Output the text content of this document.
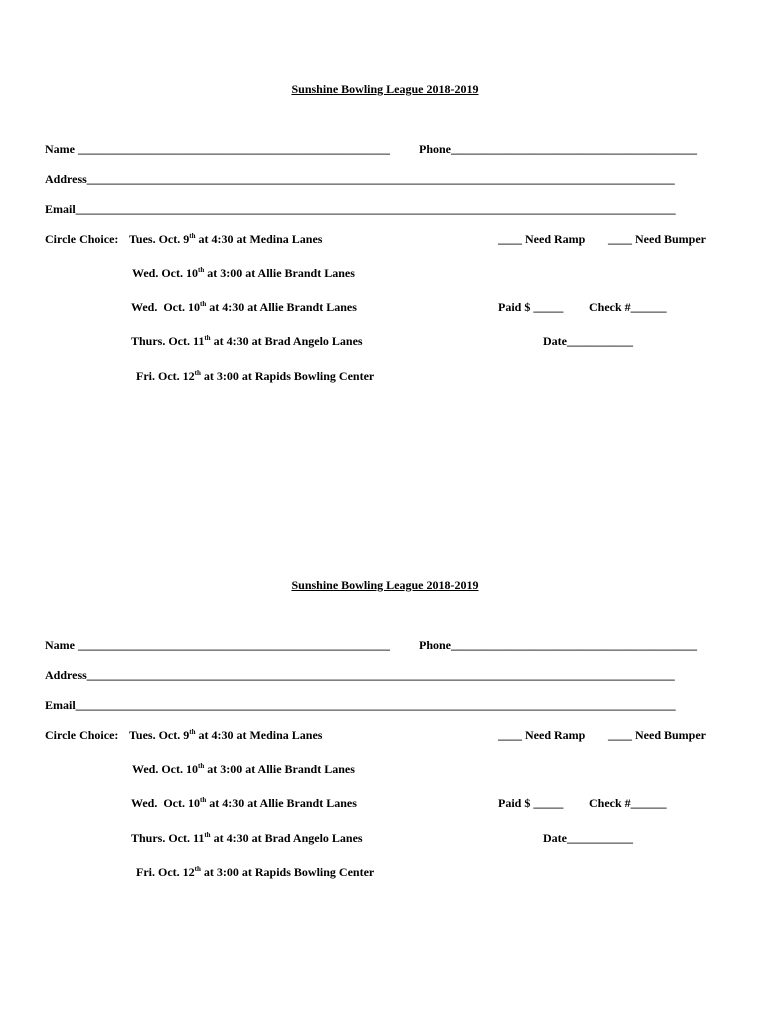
Sunshine Bowling League 2018-2019
Name ____________________________________________________ Phone_________________________________________
Address__________________________________________________________________________________________________
Email____________________________________________________________________________________________________
Circle Choice: Tues. Oct. 9th at 4:30 at Medina Lanes
Wed. Oct. 10th at 3:00 at Allie Brandt Lanes
Wed.  Oct. 10th at 4:30 at Allie Brandt Lanes
Thurs. Oct. 11th at 4:30 at Brad Angelo Lanes
Fri. Oct. 12th at 3:00 at Rapids Bowling Center
____ Need Ramp ____ Need Bumper
Paid $ _____ Check #______
Date___________
Sunshine Bowling League 2018-2019
Name ____________________________________________________ Phone_________________________________________
Address__________________________________________________________________________________________________
Email____________________________________________________________________________________________________
Circle Choice: Tues. Oct. 9th at 4:30 at Medina Lanes
Wed. Oct. 10th at 3:00 at Allie Brandt Lanes
Wed.  Oct. 10th at 4:30 at Allie Brandt Lanes
Thurs. Oct. 11th at 4:30 at Brad Angelo Lanes
Fri. Oct. 12th at 3:00 at Rapids Bowling Center
____ Need Ramp ____ Need Bumper
Paid $ _____ Check #______
Date___________
